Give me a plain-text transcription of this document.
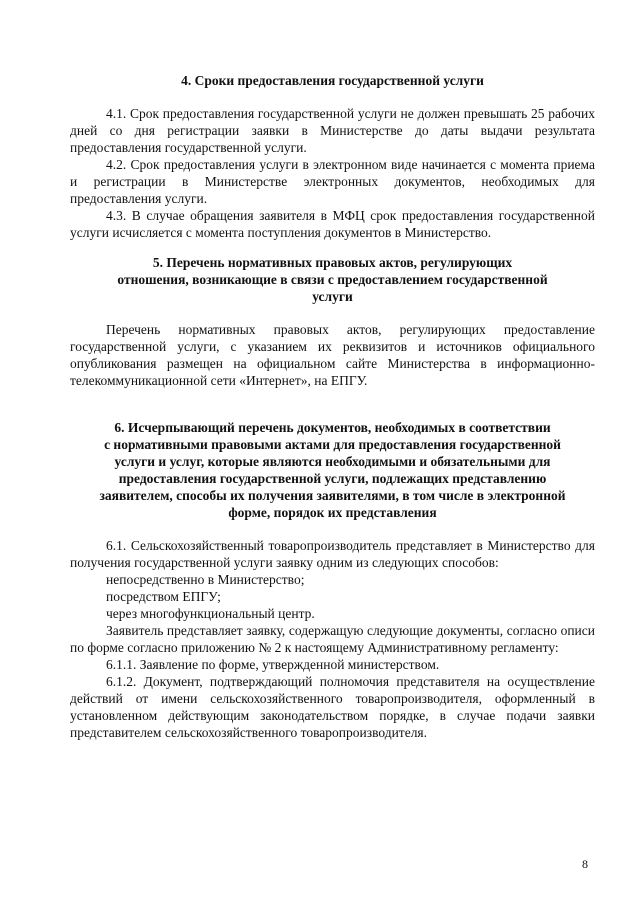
4. Сроки предоставления государственной услуги

4.1. Срок предоставления государственной услуги не должен превышать 25 рабочих дней со дня регистрации заявки в Министерстве до даты выдачи результата предоставления государственной услуги.

4.2. Срок предоставления услуги в электронном виде начинается с момента приема и регистрации в Министерстве электронных документов, необходимых для предоставления услуги.

4.3. В случае обращения заявителя в МФЦ срок предоставления государственной услуги исчисляется с момента поступления документов в Министерство.

5. Перечень нормативных правовых актов, регулирующих

отношения, возникающие в связи с предоставлением государственной

услуги

Перечень нормативных правовых актов, регулирующих предоставление государственной услуги, с указанием их реквизитов и источников официального опубликования размещен на официальном сайте Министерства в информационно-телекоммуникационной сети «Интернет», на ЕПГУ.

6. Исчерпывающий перечень документов, необходимых в соответствии

с нормативными правовыми актами для предоставления государственной

услуги и услуг, которые являются необходимыми и обязательными для

предоставления государственной услуги, подлежащих представлению

заявителем, способы их получения заявителями, в том числе в электронной

форме, порядок их представления

6.1. Сельскохозяйственный товаропроизводитель представляет в Министерство для получения государственной услуги заявку одним из следующих способов:

непосредственно в Министерство;
посредством ЕПГУ;
через многофункциональный центр.

Заявитель представляет заявку, содержащую следующие документы, согласно описи по форме согласно приложению № 2 к настоящему Административному регламенту:

6.1.1. Заявление по форме, утвержденной министерством.

6.1.2. Документ, подтверждающий полномочия представителя на осуществление действий от имени сельскохозяйственного товаропроизводителя, оформленный в установленном действующим законодательством порядке, в случае подачи заявки представителем сельскохозяйственного товаропроизводителя.

8
